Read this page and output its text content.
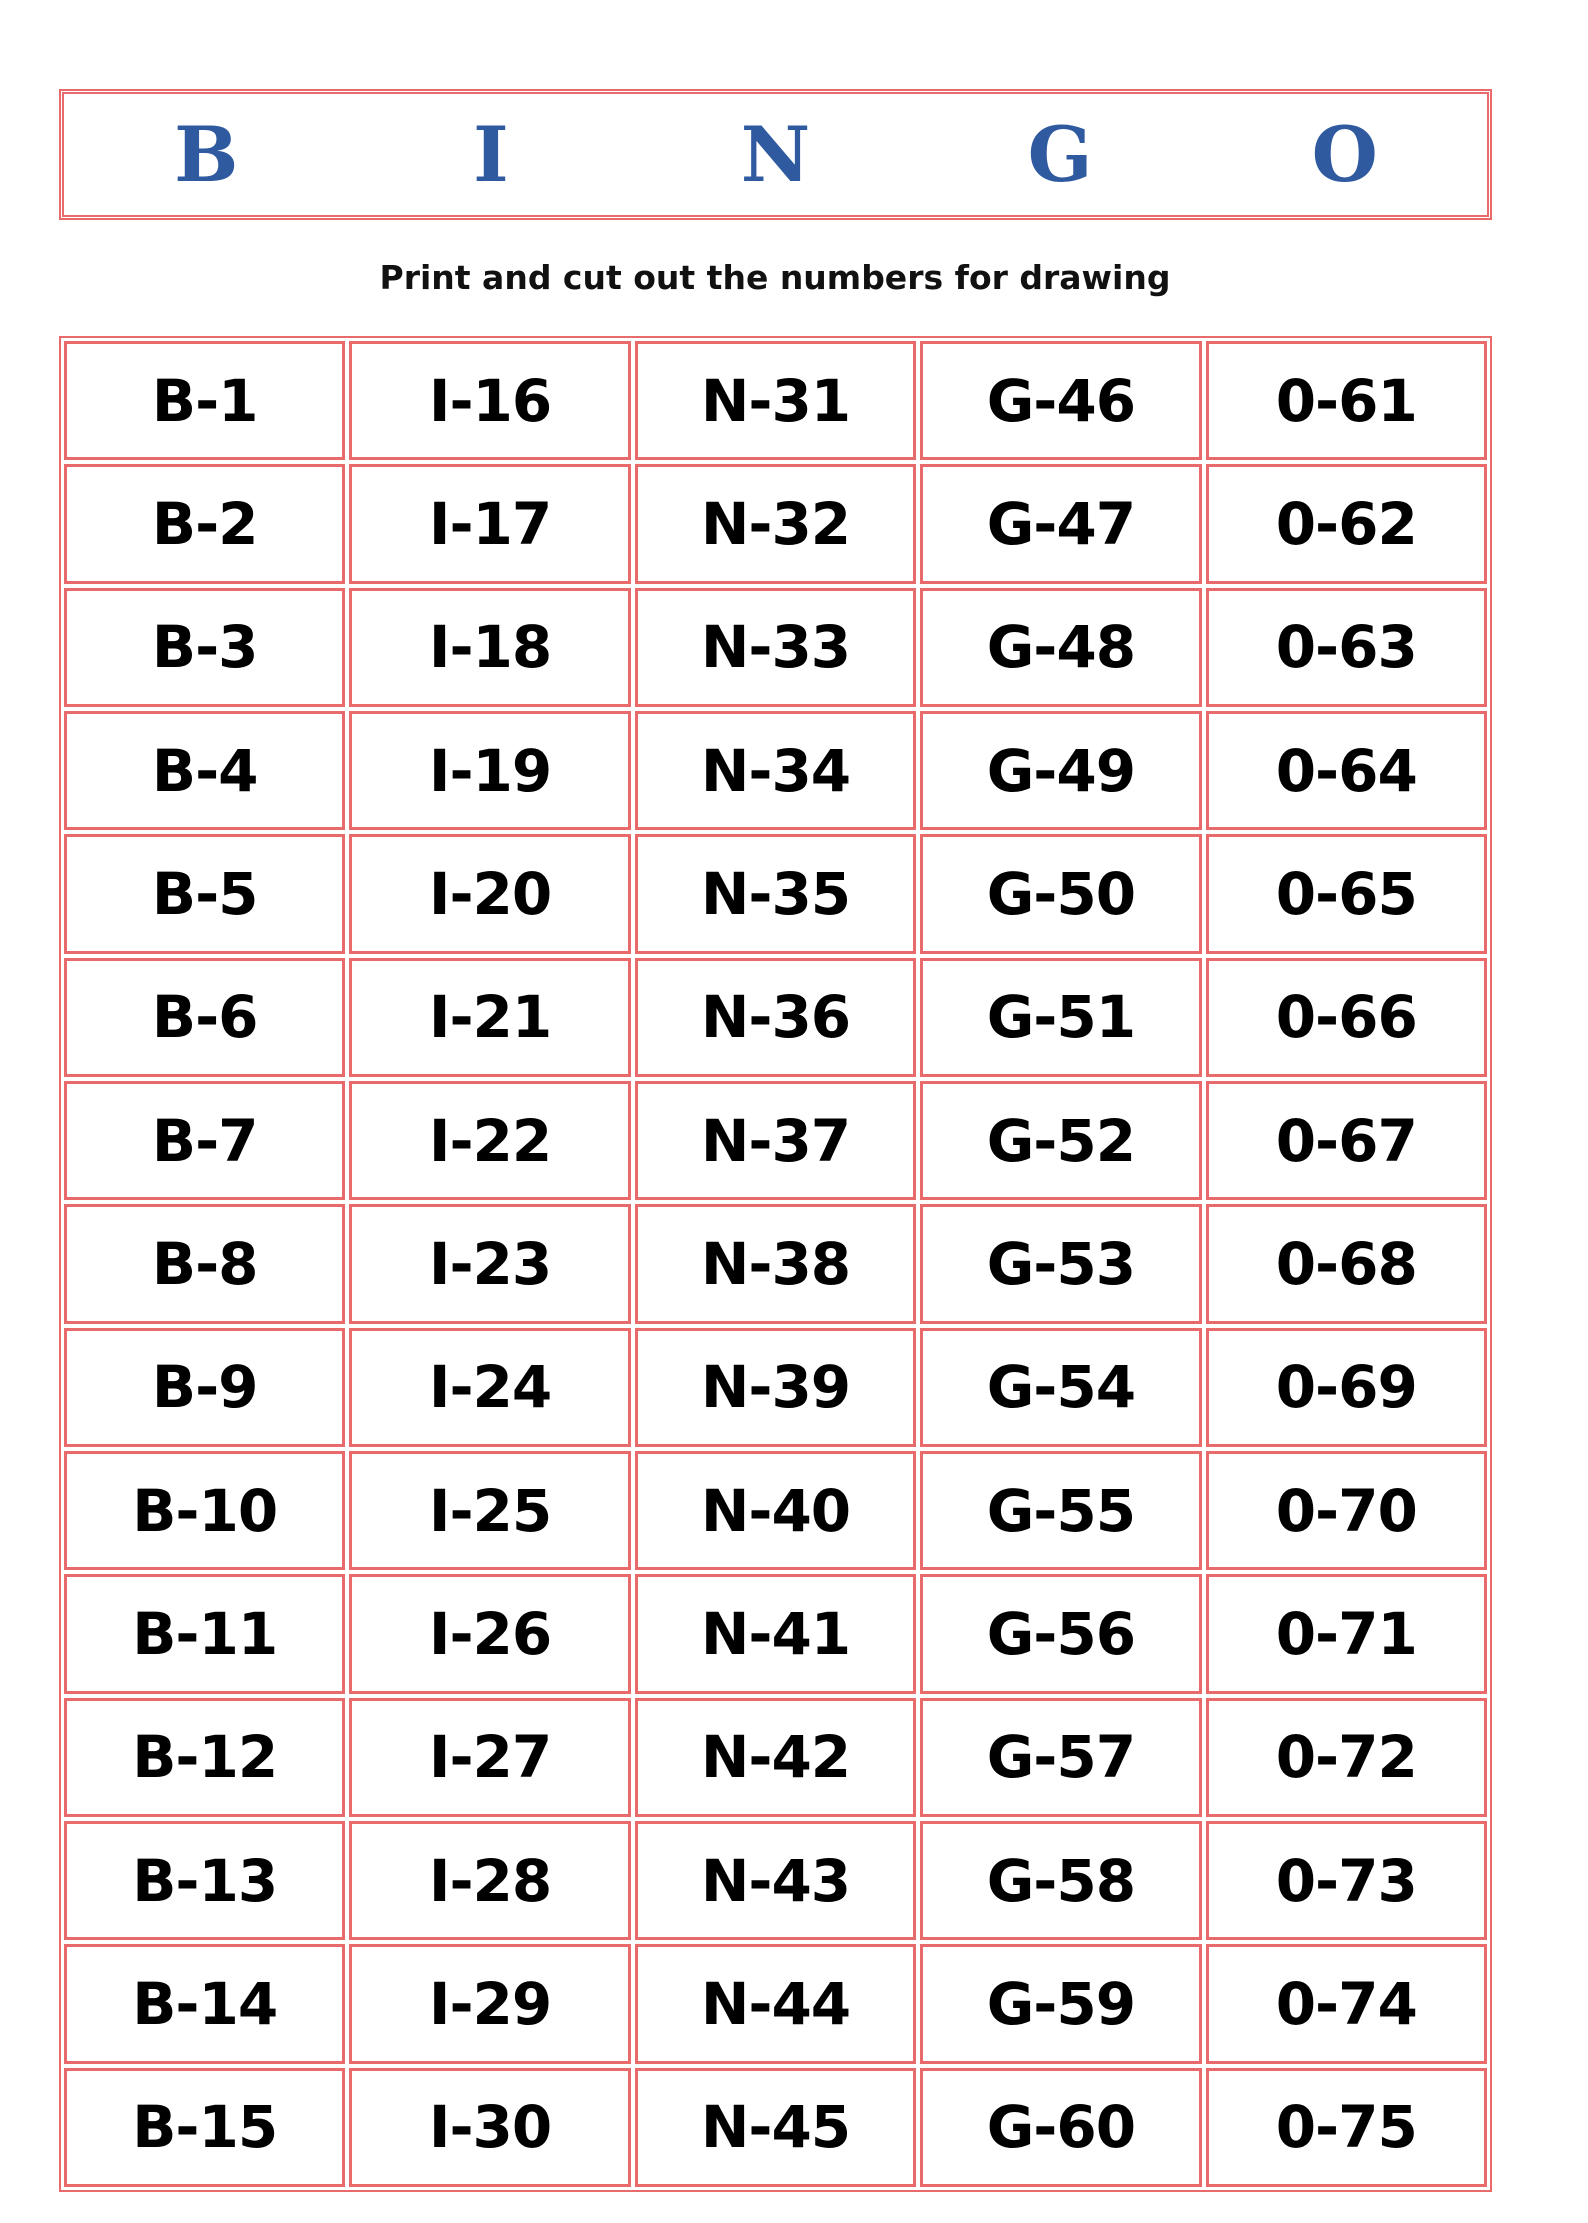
B	I	N	G	O
Print and cut out the numbers for drawing
B-1	I-16	N-31	G-46	0-61
B-2	I-17	N-32	G-47	0-62
B-3	I-18	N-33	G-48	0-63
B-4	I-19	N-34	G-49	0-64
B-5	I-20	N-35	G-50	0-65
B-6	I-21	N-36	G-51	0-66
B-7	I-22	N-37	G-52	0-67
B-8	I-23	N-38	G-53	0-68
B-9	I-24	N-39	G-54	0-69
B-10	I-25	N-40	G-55	0-70
B-11	I-26	N-41	G-56	0-71
B-12	I-27	N-42	G-57	0-72
B-13	I-28	N-43	G-58	0-73
B-14	I-29	N-44	G-59	0-74
B-15	I-30	N-45	G-60	0-75
